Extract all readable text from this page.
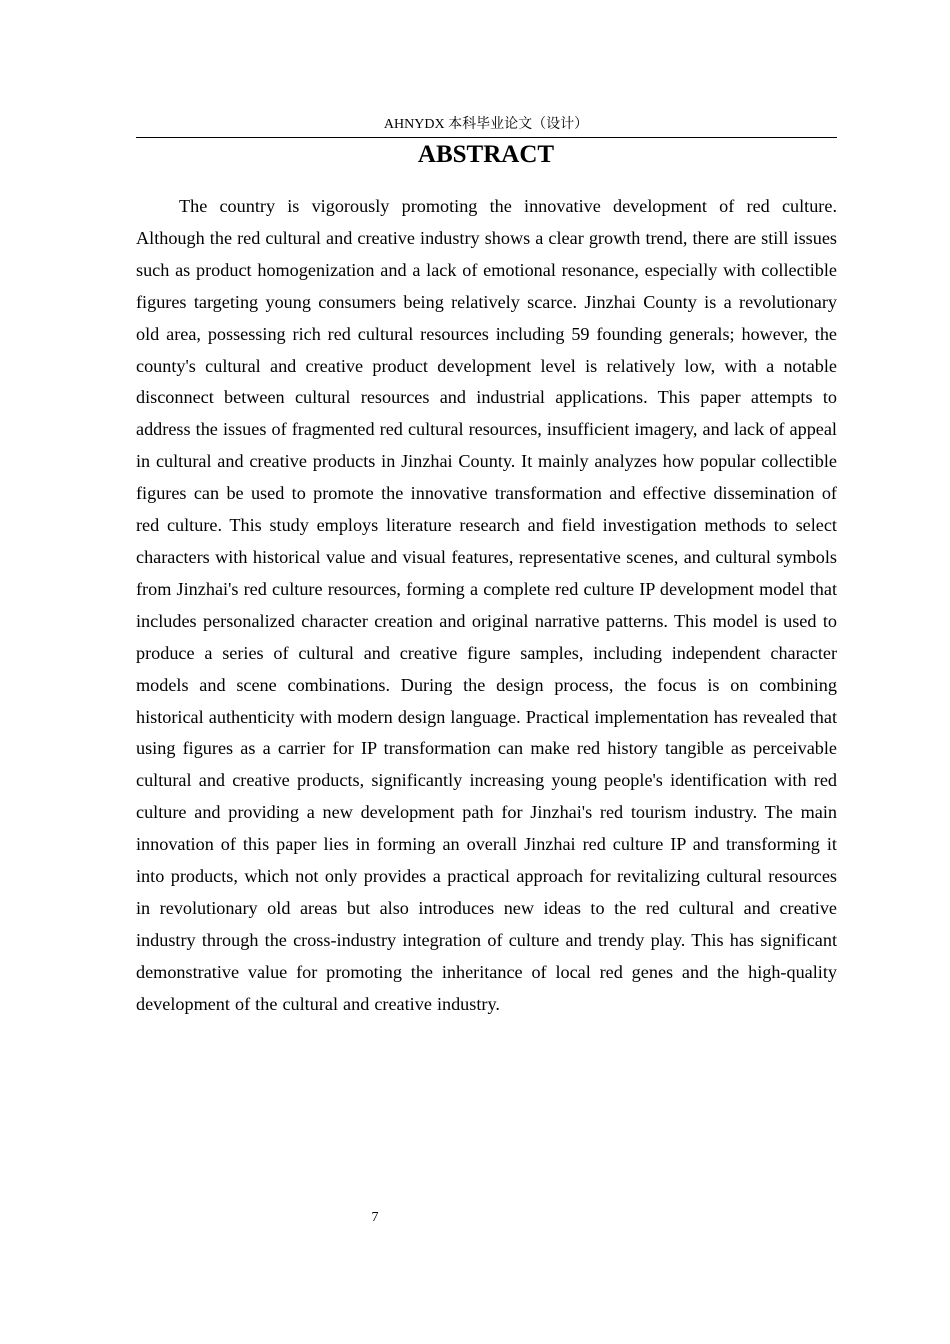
AHNYDX 本科毕业论文（设计）
ABSTRACT

The country is vigorously promoting the innovative development of red culture. Although the red cultural and creative industry shows a clear growth trend, there are still issues such as product homogenization and a lack of emotional resonance, especially with collectible figures targeting young consumers being relatively scarce. Jinzhai County is a revolutionary old area, possessing rich red cultural resources including 59 founding generals; however, the county's cultural and creative product development level is relatively low, with a notable disconnect between cultural resources and industrial applications. This paper attempts to address the issues of fragmented red cultural resources, insufficient imagery, and lack of appeal in cultural and creative products in Jinzhai County. It mainly analyzes how popular collectible figures can be used to promote the innovative transformation and effective dissemination of red culture. This study employs literature research and field investigation methods to select characters with historical value and visual features, representative scenes, and cultural symbols from Jinzhai's red culture resources, forming a complete red culture IP development model that includes personalized character creation and original narrative patterns. This model is used to produce a series of cultural and creative figure samples, including independent character models and scene combinations. During the design process, the focus is on combining historical authenticity with modern design language. Practical implementation has revealed that using figures as a carrier for IP transformation can make red history tangible as perceivable cultural and creative products, significantly increasing young people's identification with red culture and providing a new development path for Jinzhai's red tourism industry. The main innovation of this paper lies in forming an overall Jinzhai red culture IP and transforming it into products, which not only provides a practical approach for revitalizing cultural resources in revolutionary old areas but also introduces new ideas to the red cultural and creative industry through the cross-industry integration of culture and trendy play. This has significant demonstrative value for promoting the inheritance of local red genes and the high-quality development of the cultural and creative industry.

7
